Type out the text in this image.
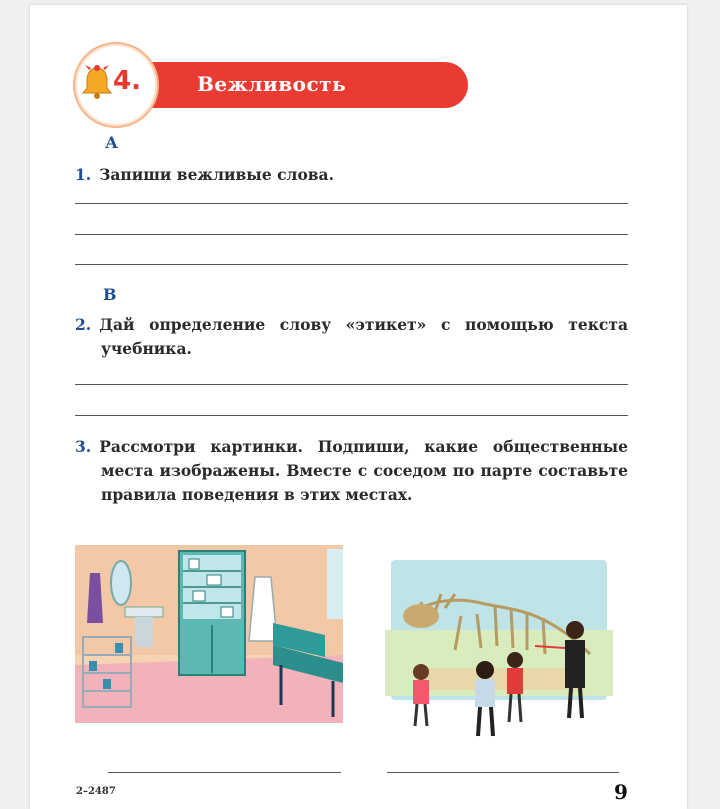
4.	Вежливость
А
1. Запиши вежливые слова.
В
2. Дай определение слову «этикет» с помощью текста учебника.
3. Рассмотри картинки. Подпиши, какие общественные места изображены. Вместе с соседом по парте составьте правила поведения в этих местах.
2–2487	9
